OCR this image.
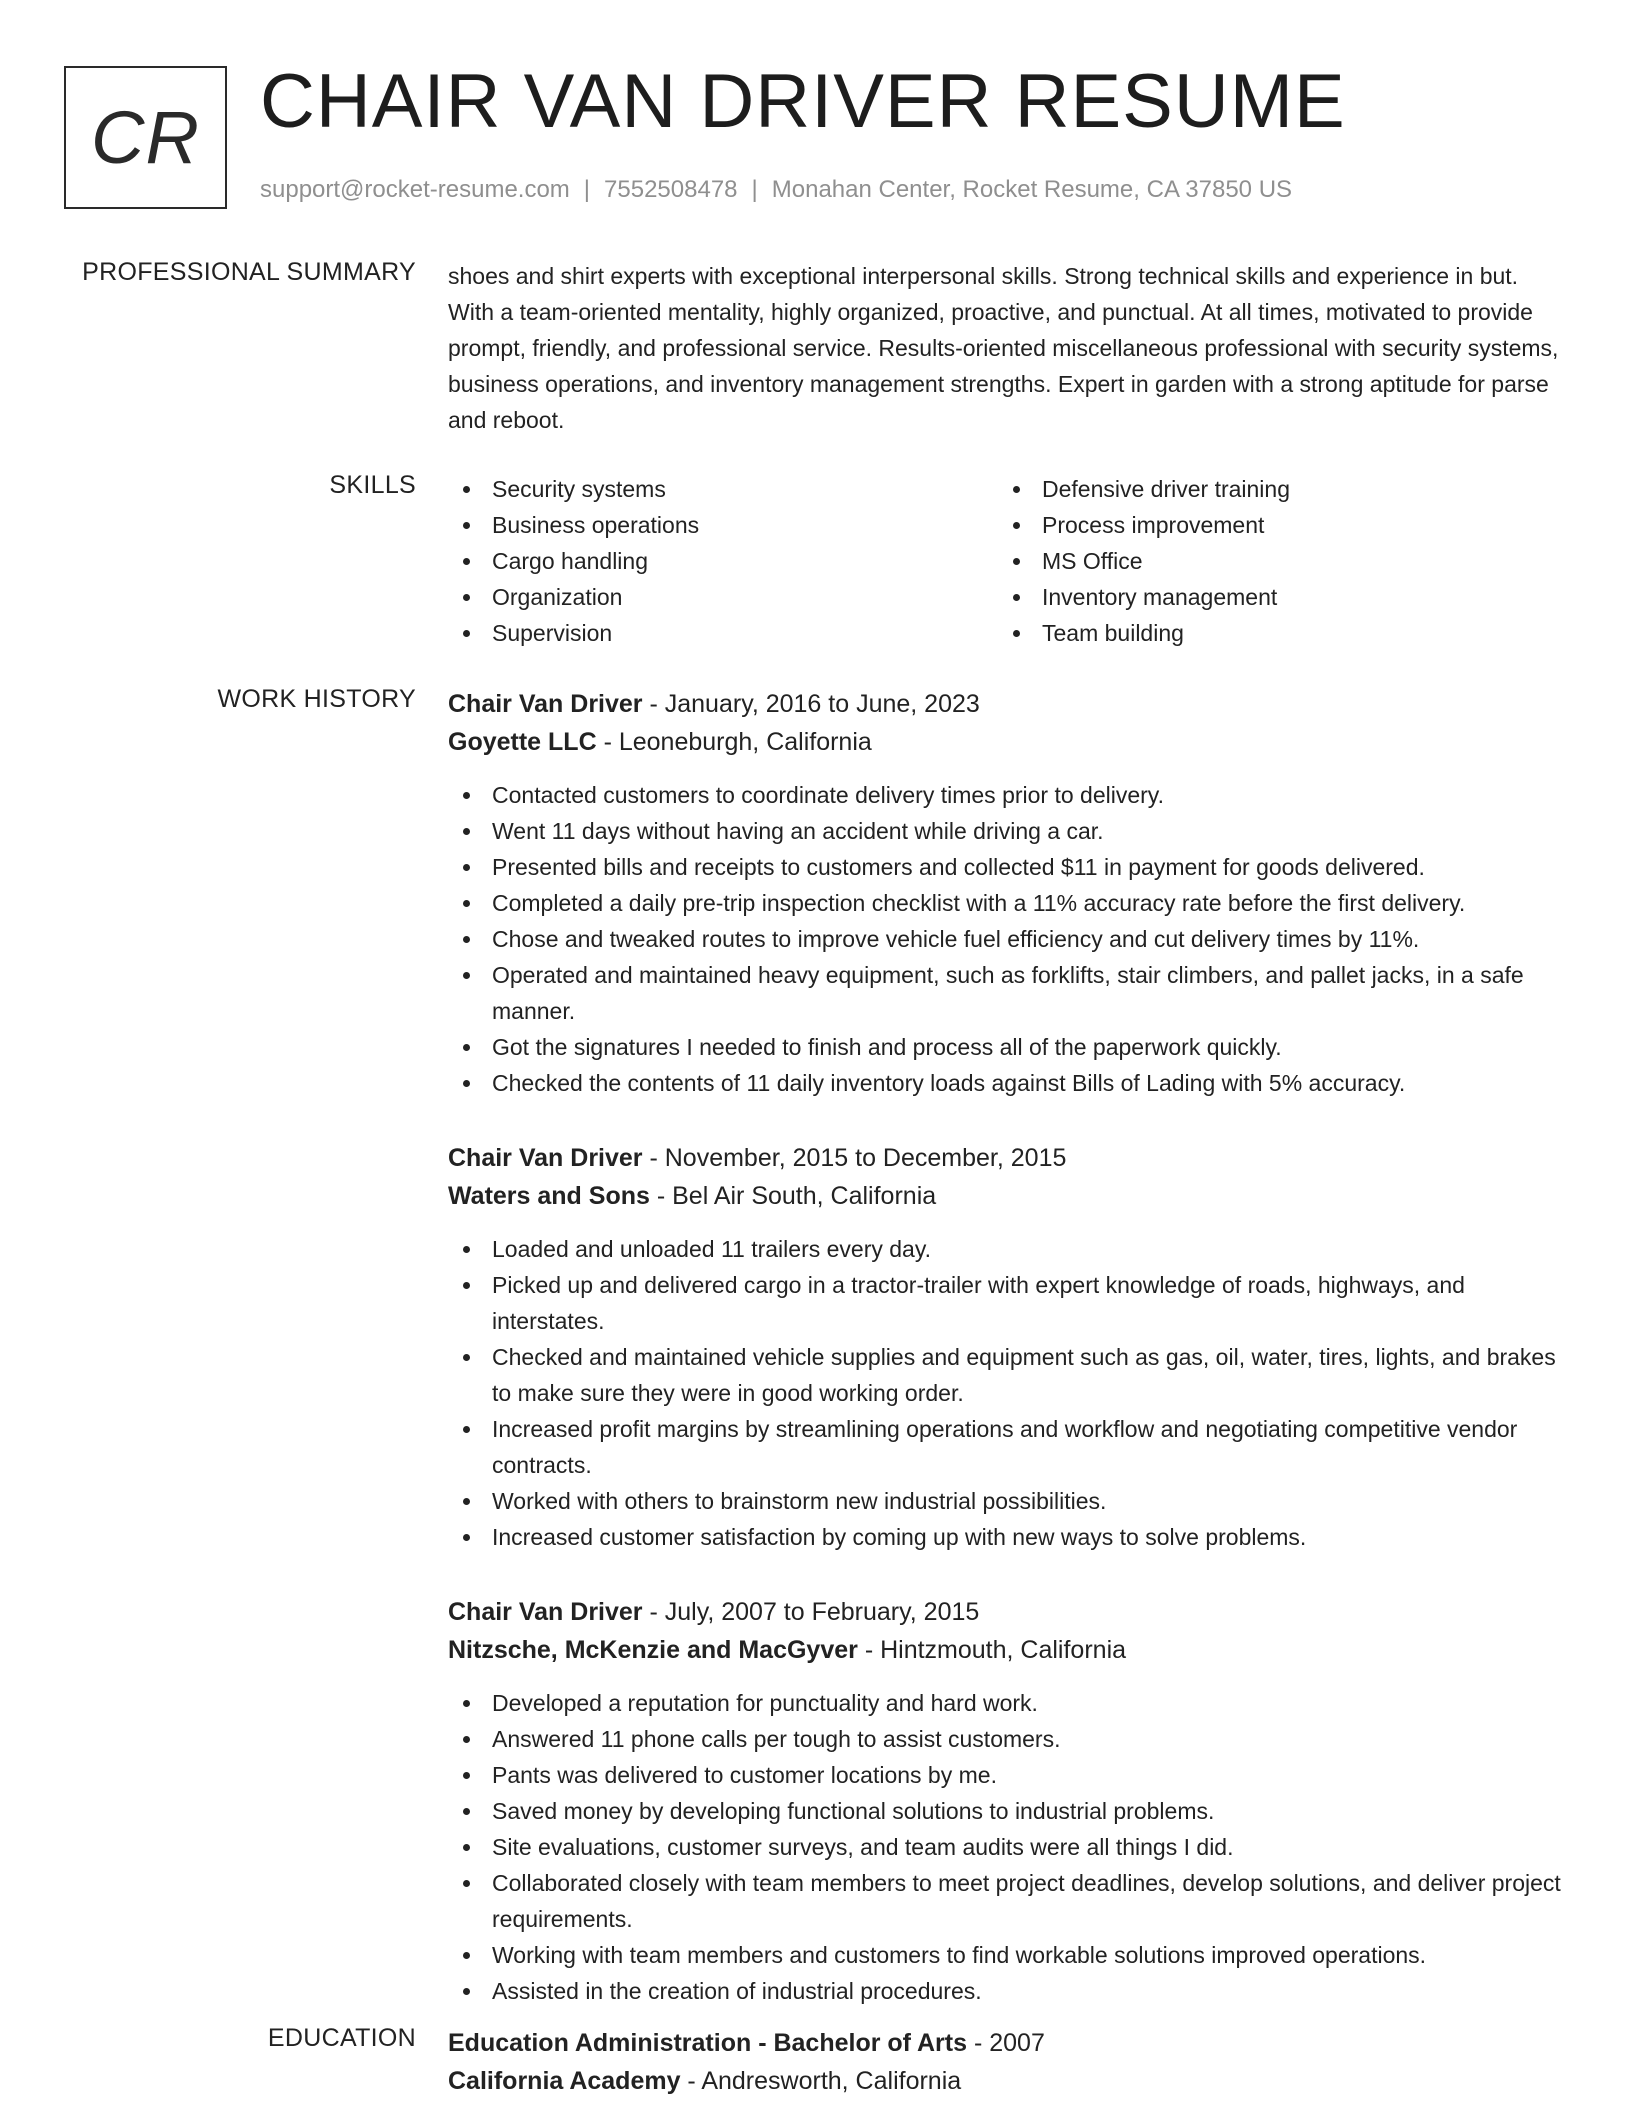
CR CHAIR VAN DRIVER RESUME
support@rocket-resume.com | 7552508478 | Monahan Center, Rocket Resume, CA 37850 US
PROFESSIONAL SUMMARY shoes and shirt experts with exceptional interpersonal skills. Strong technical skills and experience in but. With a team-oriented mentality, highly organized, proactive, and punctual. At all times, motivated to provide prompt, friendly, and professional service. Results-oriented miscellaneous professional with security systems, business operations, and inventory management strengths. Expert in garden with a strong aptitude for parse and reboot.

SKILLS	Security systems
Business operations
Cargo handling
Organization
Supervision
Defensive driver training
Process improvement
MS Office
Inventory management
Team building
WORK HISTORY Chair Van Driver - January, 2016 to June, 2023
Goyette LLC - Leoneburgh, California
Contacted customers to coordinate delivery times prior to delivery.
Went 11 days without having an accident while driving a car.
Presented bills and receipts to customers and collected $11 in payment for goods delivered.
Completed a daily pre-trip inspection checklist with a 11% accuracy rate before the first delivery.
Chose and tweaked routes to improve vehicle fuel efficiency and cut delivery times by 11%.
Operated and maintained heavy equipment, such as forklifts, stair climbers, and pallet jacks, in a safe manner.
Got the signatures I needed to finish and process all of the paperwork quickly.
Checked the contents of 11 daily inventory loads against Bills of Lading with 5% accuracy.
Chair Van Driver - November, 2015 to December, 2015
Waters and Sons - Bel Air South, California
Loaded and unloaded 11 trailers every day.
Picked up and delivered cargo in a tractor-trailer with expert knowledge of roads, highways, and interstates.
Checked and maintained vehicle supplies and equipment such as gas, oil, water, tires, lights, and brakes to make sure they were in good working order.
Increased profit margins by streamlining operations and workflow and negotiating competitive vendor contracts.
Worked with others to brainstorm new industrial possibilities.
Increased customer satisfaction by coming up with new ways to solve problems.
Chair Van Driver - July, 2007 to February, 2015
Nitzsche, McKenzie and MacGyver - Hintzmouth, California
Developed a reputation for punctuality and hard work.
Answered 11 phone calls per tough to assist customers.
Pants was delivered to customer locations by me.
Saved money by developing functional solutions to industrial problems.
Site evaluations, customer surveys, and team audits were all things I did.
Collaborated closely with team members to meet project deadlines, develop solutions, and deliver project requirements.
Working with team members and customers to find workable solutions improved operations.
Assisted in the creation of industrial procedures.
EDUCATION Education Administration - Bachelor of Arts - 2007
California Academy - Andresworth, California
